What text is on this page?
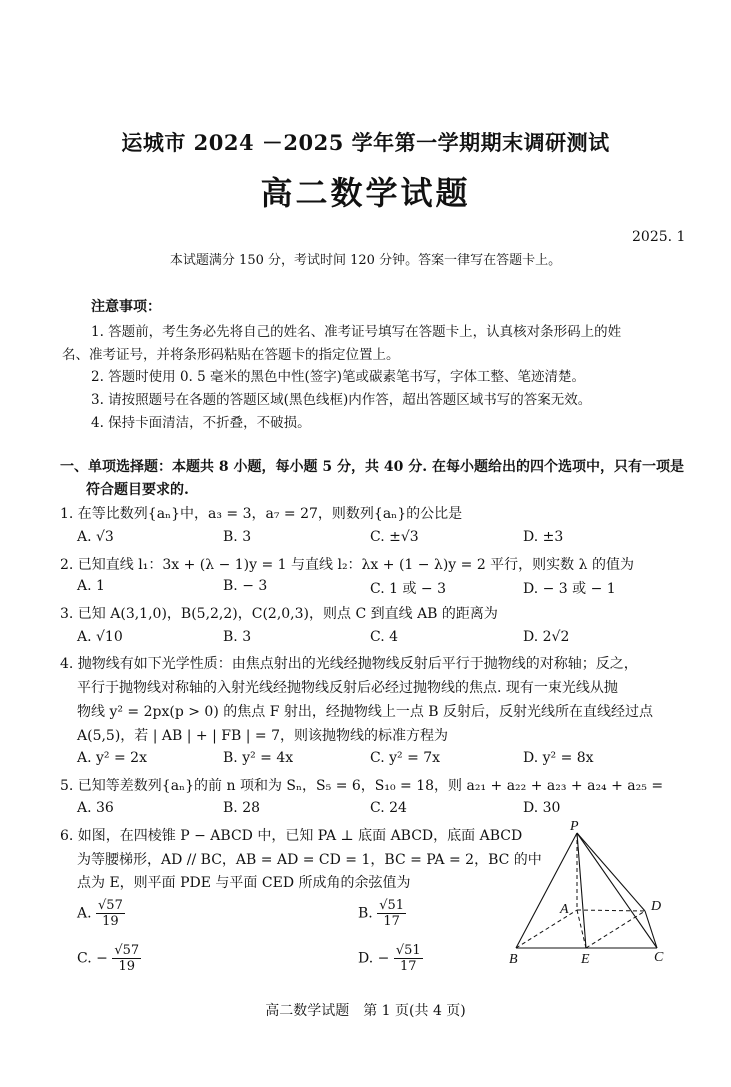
运城市 2024 －2025 学年第一学期期末调研测试
高二数学试题
2025. 1
本试题满分 150 分，考试时间 120 分钟。答案一律写在答题卡上。
注意事项：
1. 答题前，考生务必先将自己的姓名、准考证号填写在答题卡上，认真核对条形码上的姓
名、准考证号，并将条形码粘贴在答题卡的指定位置上。
2. 答题时使用 0. 5 毫米的黑色中性(签字)笔或碳素笔书写，字体工整、笔迹清楚。
3. 请按照题号在各题的答题区域(黑色线框)内作答，超出答题区域书写的答案无效。
4. 保持卡面清洁，不折叠，不破损。
一、单项选择题：本题共 8 小题，每小题 5 分，共 40 分. 在每小题给出的四个选项中，只有一项是
符合题目要求的.
1. 在等比数列{aₙ}中，a₃ = 3，a₇ = 27，则数列{aₙ}的公比是
A. √3	B. 3	C. ±√3	D. ±3
2. 已知直线 l₁：3x + (λ − 1)y = 1 与直线 l₂：λx + (1 − λ)y = 2 平行，则实数 λ 的值为
A. 1	B. − 3	C. 1 或 − 3	D. − 3 或 − 1
3. 已知 A(3,1,0)，B(5,2,2)，C(2,0,3)，则点 C 到直线 AB 的距离为
A. √10	B. 3	C. 4	D. 2√2
4. 抛物线有如下光学性质：由焦点射出的光线经抛物线反射后平行于抛物线的对称轴；反之，
平行于抛物线对称轴的入射光线经抛物线反射后必经过抛物线的焦点. 现有一束光线从抛
物线 y² = 2px(p > 0) 的焦点 F 射出，经抛物线上一点 B 反射后，反射光线所在直线经过点
A(5,5)，若 | AB | + | FB | = 7，则该抛物线的标准方程为
A. y² = 2x	B. y² = 4x	C. y² = 7x	D. y² = 8x
5. 已知等差数列{aₙ}的前 n 项和为 Sₙ，S₅ = 6，S₁₀ = 18，则 a₂₁ + a₂₂ + a₂₃ + a₂₄ + a₂₅ =
A. 36	B. 28	C. 24	D. 30
6. 如图，在四棱锥 P − ABCD 中，已知 PA ⊥ 底面 ABCD，底面 ABCD
为等腰梯形，AD // BC，AB = AD = CD = 1，BC = PA = 2，BC 的中
点为 E，则平面 PDE 与平面 CED 所成角的余弦值为
A. $\frac{√57}{19}$	B. $\frac{√51}{17}$
C. − $\frac{√57}{19}$	D. − $\frac{√51}{17}$
P
A	D
B	E	C
高二数学试题　第 1 页(共 4 页)
